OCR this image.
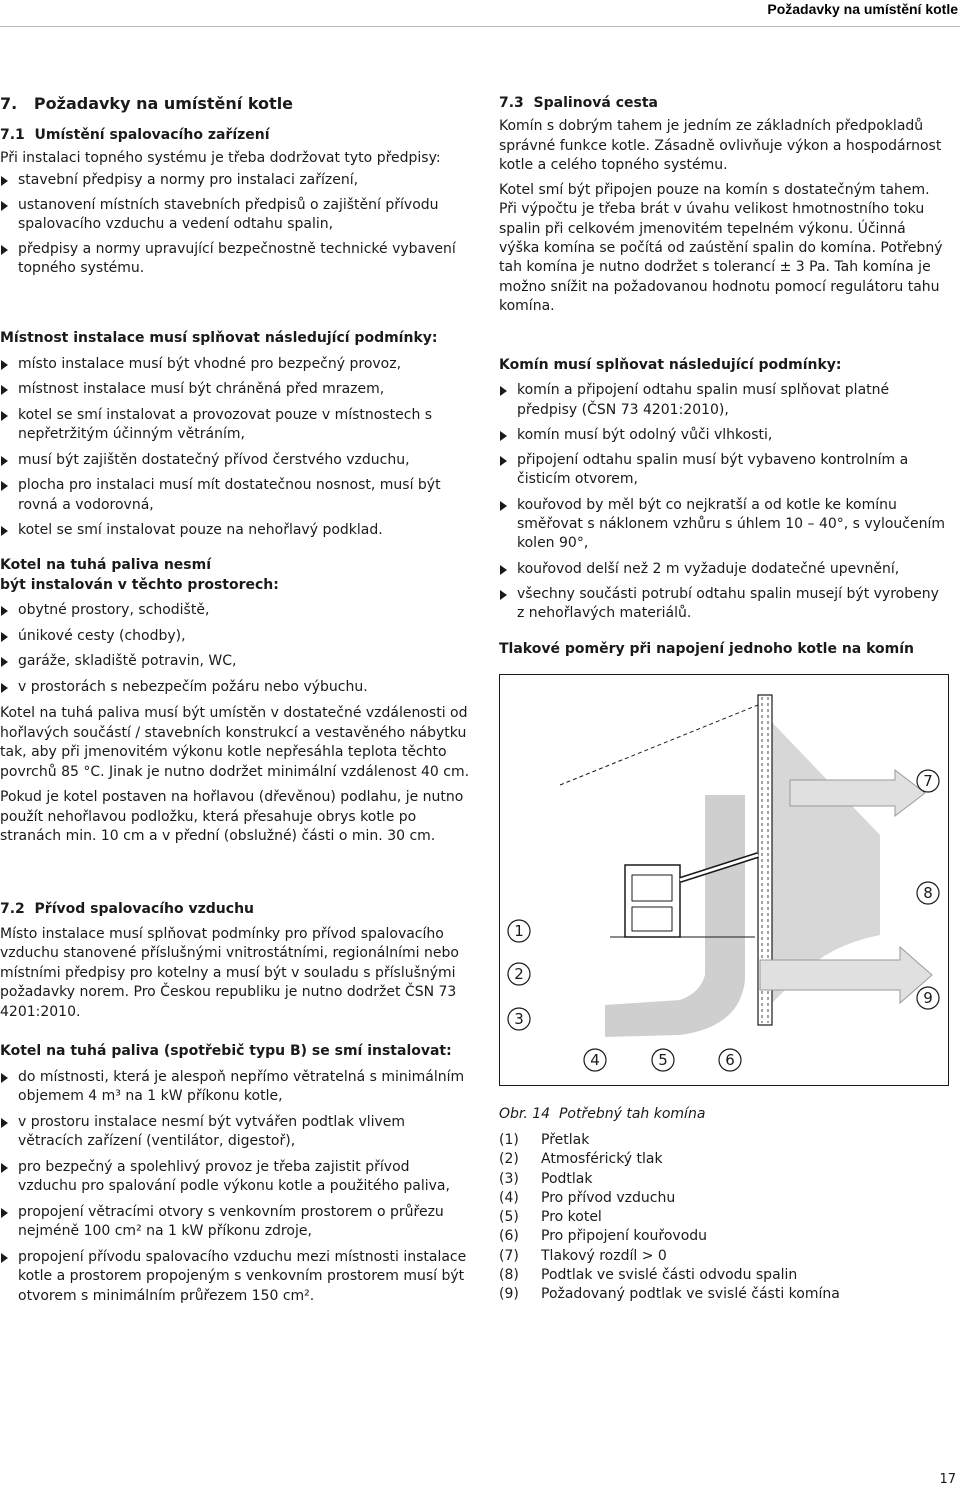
Požadavky na umístění kotle
7.   Požadavky na umístění kotle

7.1  Umístění spalovacího zařízení

Při instalaci topného systému je třeba dodržovat tyto předpisy:

stavební předpisy a normy pro instalaci zařízení,
ustanovení místních stavebních předpisů o zajištění přívodu spalovacího vzduchu a vedení odtahu spalin,
předpisy a normy upravující bezpečnostně technické vybavení topného systému.

Místnost instalace musí splňovat následující podmínky:

místo instalace musí být vhodné pro bezpečný provoz,
místnost instalace musí být chráněná před mrazem,
kotel se smí instalovat a provozovat pouze v místnostech s nepřetržitým účinným větráním,
musí být zajištěn dostatečný přívod čerstvého vzduchu,
plocha pro instalaci musí mít dostatečnou nosnost, musí být rovná a vodorovná,
kotel se smí instalovat pouze na nehořlavý podklad.

Kotel na tuhá paliva nesmí

být instalován v těchto prostorech:

obytné prostory, schodiště,
únikové cesty (chodby),
garáže, skladiště potravin, WC,
v prostorách s nebezpečím požáru nebo výbuchu.

Kotel na tuhá paliva musí být umístěn v dostatečné vzdálenosti od hořlavých součástí / stavebních konstrukcí a vestavěného nábytku tak, aby při jmenovitém výkonu kotle nepřesáhla teplota těchto povrchů 85 °C. Jinak je nutno dodržet minimální vzdálenost 40 cm.

Pokud je kotel postaven na hořlavou (dřevěnou) podlahu, je nutno použít nehořlavou podložku, která přesahuje obrys kotle po stranách min. 10 cm a v přední (obslužné) části o min. 30 cm.

7.2  Přívod spalovacího vzduchu

Místo instalace musí splňovat podmínky pro přívod spalovacího vzduchu stanovené příslušnými vnitrostátními, regionálními nebo místními předpisy pro kotelny a musí být v souladu s příslušnými požadavky norem. Pro Českou republiku je nutno dodržet ČSN 73 4201:2010.

Kotel na tuhá paliva (spotřebič typu B) se smí instalovat:

do místnosti, která je alespoň nepřímo větratelná s minimálním objemem 4 m³ na 1 kW příkonu kotle,
v prostoru instalace nesmí být vytvářen podtlak vlivem větracích zařízení (ventilátor, digestoř),
pro bezpečný a spolehlivý provoz je třeba zajistit přívod vzduchu pro spalování podle výkonu kotle a použitého paliva,
propojení větracími otvory s venkovním prostorem o průřezu nejméně 100 cm² na 1 kW příkonu zdroje,
propojení přívodu spalovacího vzduchu mezi místnosti instalace kotle a prostorem propojeným s venkovním prostorem musí být otvorem s minimálním průřezem 150 cm².

7.3  Spalinová cesta

Komín s dobrým tahem je jedním ze základních předpokladů správné funkce kotle. Zásadně ovlivňuje výkon a hospodárnost kotle a celého topného systému.

Kotel smí být připojen pouze na komín s dostatečným tahem. Při výpočtu je třeba brát v úvahu velikost hmotnostního toku spalin při celkovém jmenovitém tepelném výkonu. Účinná výška komína se počítá od zaústění spalin do komína. Potřebný tah komína je nutno dodržet s tolerancí ± 3 Pa. Tah komína je možno snížit na požadovanou hodnotu pomocí regulátoru tahu komína.

Komín musí splňovat následující podmínky:

komín a připojení odtahu spalin musí splňovat platné předpisy (ČSN 73 4201:2010),
komín musí být odolný vůči vlhkosti,
připojení odtahu spalin musí být vybaveno kontrolním a čisticím otvorem,
kouřovod by měl být co nejkratší a od kotle ke komínu směřovat s náklonem vzhůru s úhlem 10 – 40°, s vyloučením kolen 90°,
kouřovod delší než 2 m vyžaduje dodatečné upevnění,
všechny součásti potrubí odtahu spalin musejí být vyrobeny z nehořlavých materiálů.

Tlakové poměry při napojení jednoho kotle na komín

1
2
3
4	5	6
7
8
9
Obr. 14  Potřebný tah komína
(1) Přetlak
(2) Atmosférický tlak
(3) Podtlak
(4) Pro přívod vzduchu
(5) Pro kotel
(6) Pro připojení kouřovodu
(7) Tlakový rozdíl > 0
(8) Podtlak ve svislé části odvodu spalin
(9) Požadovaný podtlak ve svislé části komína
17
